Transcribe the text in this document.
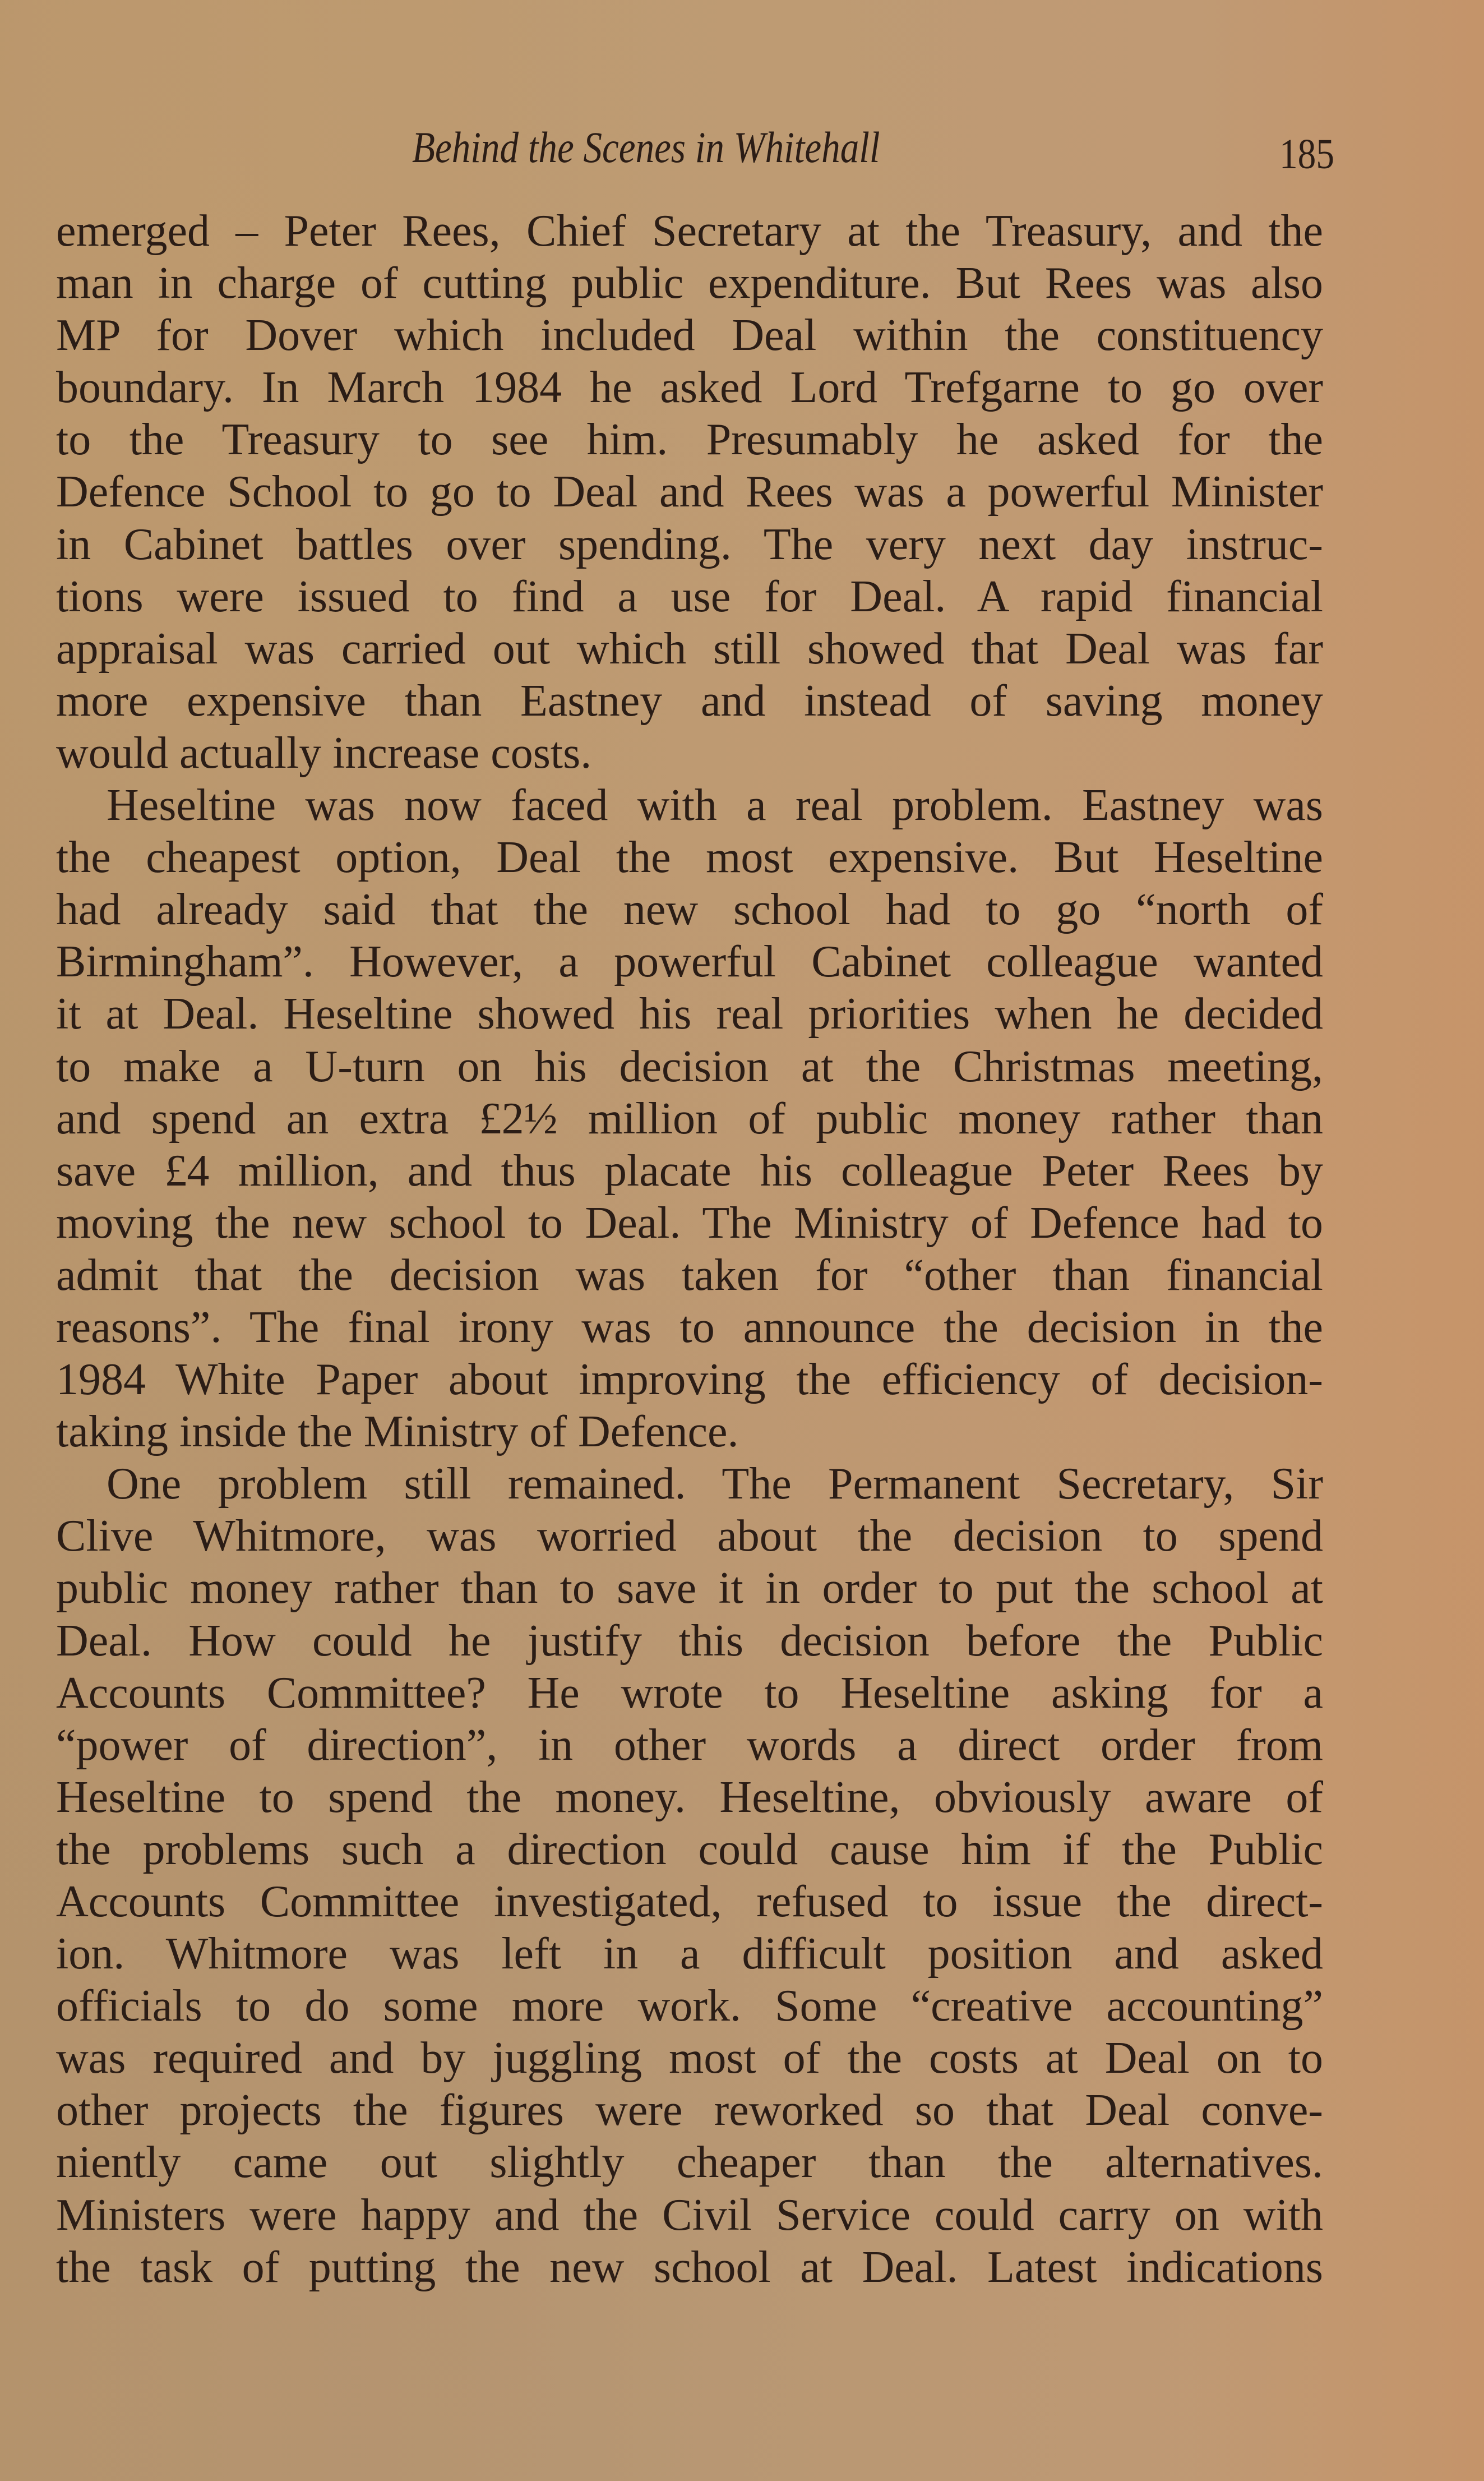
Behind the Scenes in Whitehall	185
emerged – Peter Rees, Chief Secretary at the Treasury, and the
man in charge of cutting public expenditure. But Rees was also
MP for Dover which included Deal within the constituency
boundary. In March 1984 he asked Lord Trefgarne to go over
to the Treasury to see him. Presumably he asked for the
Defence School to go to Deal and Rees was a powerful Minister
in Cabinet battles over spending. The very next day instruc-
tions were issued to find a use for Deal. A rapid financial
appraisal was carried out which still showed that Deal was far
more expensive than Eastney and instead of saving money
would actually increase costs.
Heseltine was now faced with a real problem. Eastney was
the cheapest option, Deal the most expensive. But Heseltine
had already said that the new school had to go “north of
Birmingham”. However, a powerful Cabinet colleague wanted
it at Deal. Heseltine showed his real priorities when he decided
to make a U-turn on his decision at the Christmas meeting,
and spend an extra £2½ million of public money rather than
save £4 million, and thus placate his colleague Peter Rees by
moving the new school to Deal. The Ministry of Defence had to
admit that the decision was taken for “other than financial
reasons”. The final irony was to announce the decision in the
1984 White Paper about improving the efficiency of decision-
taking inside the Ministry of Defence.
One problem still remained. The Permanent Secretary, Sir
Clive Whitmore, was worried about the decision to spend
public money rather than to save it in order to put the school at
Deal. How could he justify this decision before the Public
Accounts Committee? He wrote to Heseltine asking for a
“power of direction”, in other words a direct order from
Heseltine to spend the money. Heseltine, obviously aware of
the problems such a direction could cause him if the Public
Accounts Committee investigated, refused to issue the direct-
ion. Whitmore was left in a difficult position and asked
officials to do some more work. Some “creative accounting”
was required and by juggling most of the costs at Deal on to
other projects the figures were reworked so that Deal conve-
niently came out slightly cheaper than the alternatives.
Ministers were happy and the Civil Service could carry on with
the task of putting the new school at Deal. Latest indications
